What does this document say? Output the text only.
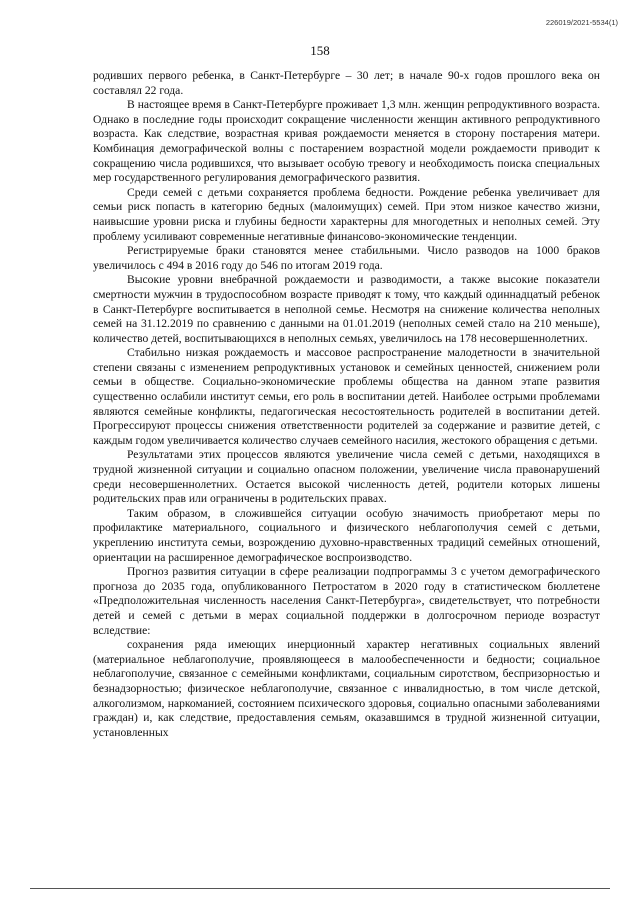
226019/2021-5534(1)
158

родивших первого ребенка, в Санкт-Петербурге – 30 лет; в начале 90-х годов прошлого века он составлял 22 года.

В настоящее время в Санкт-Петербурге проживает 1,3 млн. женщин репродуктивного возраста. Однако в последние годы происходит сокращение численности женщин активного репродуктивного возраста. Как следствие, возрастная кривая рождаемости меняется в сторону постарения матери. Комбинация демографической волны с постарением возрастной модели рождаемости приводит к сокращению числа родившихся, что вызывает особую тревогу и необходимость поиска специальных мер государственного регулирования демографического развития.

Среди семей с детьми сохраняется проблема бедности. Рождение ребенка увеличивает для семьи риск попасть в категорию бедных (малоимущих) семей. При этом низкое качество жизни, наивысшие уровни риска и глубины бедности характерны для многодетных и неполных семей. Эту проблему усиливают современные негативные финансово-экономические тенденции.

Регистрируемые браки становятся менее стабильными. Число разводов на 1000 браков увеличилось с 494 в 2016 году до 546 по итогам 2019 года.

Высокие уровни внебрачной рождаемости и разводимости, а также высокие показатели смертности мужчин в трудоспособном возрасте приводят к тому, что каждый одиннадцатый ребенок в Санкт-Петербурге воспитывается в неполной семье. Несмотря на снижение количества неполных семей на 31.12.2019 по сравнению с данными на 01.01.2019 (неполных семей стало на 210 меньше), количество детей, воспитывающихся в неполных семьях, увеличилось на 178 несовершеннолетних.

Стабильно низкая рождаемость и массовое распространение малодетности в значительной степени связаны с изменением репродуктивных установок и семейных ценностей, снижением роли семьи в обществе. Социально-экономические проблемы общества на данном этапе развития существенно ослабили институт семьи, его роль в воспитании детей. Наиболее острыми проблемами являются семейные конфликты, педагогическая несостоятельность родителей в воспитании детей. Прогрессируют процессы снижения ответственности родителей за содержание и развитие детей, с каждым годом увеличивается количество случаев семейного насилия, жестокого обращения с детьми.

Результатами этих процессов являются увеличение числа семей с детьми, находящихся в трудной жизненной ситуации и социально опасном положении, увеличение числа правонарушений среди несовершеннолетних. Остается высокой численность детей, родители которых лишены родительских прав или ограничены в родительских правах.

Таким образом, в сложившейся ситуации особую значимость приобретают меры по профилактике материального, социального и физического неблагополучия семей с детьми, укреплению института семьи, возрождению духовно-нравственных традиций семейных отношений, ориентации на расширенное демографическое воспроизводство.

Прогноз развития ситуации в сфере реализации подпрограммы 3 с учетом демографического прогноза до 2035 года, опубликованного Петростатом в 2020 году в статистическом бюллетене «Предположительная численность населения Санкт-Петербурга», свидетельствует, что потребности детей и семей с детьми в мерах социальной поддержки в долгосрочном периоде возрастут вследствие:

сохранения ряда имеющих инерционный характер негативных социальных явлений (материальное неблагополучие, проявляющееся в малообеспеченности и бедности; социальное неблагополучие, связанное с семейными конфликтами, социальным сиротством, беспризорностью и безнадзорностью; физическое неблагополучие, связанное с инвалидностью, в том числе детской, алкоголизмом, наркоманией, состоянием психического здоровья, социально опасными заболеваниями граждан) и, как следствие, предоставления семьям, оказавшимся в трудной жизненной ситуации, установленных
